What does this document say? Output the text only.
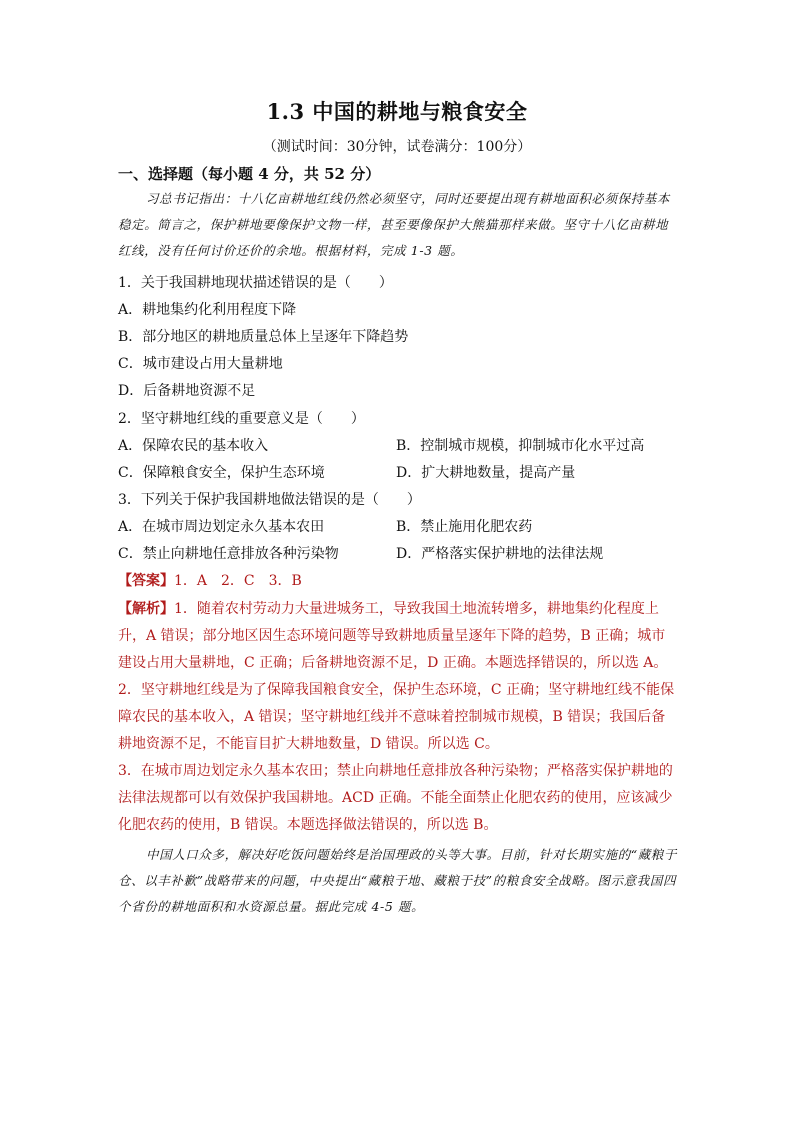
1.3 中国的耕地与粮食安全
（测试时间：30分钟，试卷满分：100分）
一、选择题（每小题 4 分，共 52 分）
习总书记指出：十八亿亩耕地红线仍然必须坚守，同时还要提出现有耕地面积必须保持基本稳定。简言之，保护耕地要像保护文物一样，甚至要像保护大熊猫那样来做。坚守十八亿亩耕地红线，没有任何讨价还价的余地。根据材料，完成 1-3 题。
1．关于我国耕地现状描述错误的是（　　）
A．耕地集约化利用程度下降
B．部分地区的耕地质量总体上呈逐年下降趋势
C．城市建设占用大量耕地
D．后备耕地资源不足
2．坚守耕地红线的重要意义是（　　）
A．保障农民的基本收入	B．控制城市规模，抑制城市化水平过高
C．保障粮食安全，保护生态环境	D．扩大耕地数量，提高产量
3．下列关于保护我国耕地做法错误的是（　　）
A．在城市周边划定永久基本农田	B．禁止施用化肥农药
C．禁止向耕地任意排放各种污染物	D．严格落实保护耕地的法律法规
【答案】1．A　2．C　3．B
【解析】1．随着农村劳动力大量进城务工，导致我国土地流转增多，耕地集约化程度上升，A 错误；部分地区因生态环境问题等导致耕地质量呈逐年下降的趋势，B 正确；城市建设占用大量耕地，C 正确；后备耕地资源不足，D 正确。本题选择错误的，所以选 A。
2．坚守耕地红线是为了保障我国粮食安全，保护生态环境，C 正确；坚守耕地红线不能保障农民的基本收入，A 错误；坚守耕地红线并不意味着控制城市规模，B 错误；我国后备耕地资源不足，不能盲目扩大耕地数量，D 错误。所以选 C。
3．在城市周边划定永久基本农田；禁止向耕地任意排放各种污染物；严格落实保护耕地的法律法规都可以有效保护我国耕地。ACD 正确。不能全面禁止化肥农药的使用，应该减少化肥农药的使用，B 错误。本题选择做法错误的，所以选 B。
中国人口众多，解决好吃饭问题始终是治国理政的头等大事。目前，针对长期实施的“藏粮于仓、以丰补歉”战略带来的问题，中央提出“藏粮于地、藏粮于技”的粮食安全战略。图示意我国四个省份的耕地面积和水资源总量。据此完成 4-5 题。
